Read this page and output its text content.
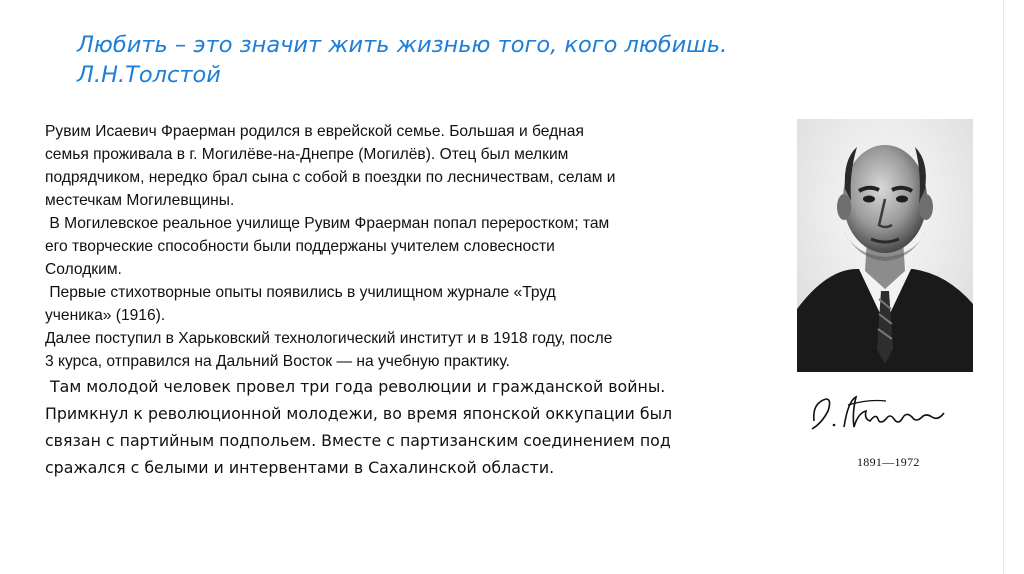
Любить – это значит жить жизнью того, кого любишь.
Л.Н.Толстой

Рувим Исаевич Фраерман родился в еврейской семье. Большая и бедная
семья проживала в г. Могилёве-на-Днепре (Могилёв). Отец был мелким
подрядчиком, нередко брал сына с собой в поездки по лесничествам, селам и
местечкам Могилевщины.

В Могилевское реальное училище Рувим Фраерман попал переростком; там
его творческие способности были поддержаны учителем словесности
Солодким.

Первые стихотворные опыты появились в училищном журнале «Труд
ученика» (1916).

Далее поступил в Харьковский технологический институт и в 1918 году, после
3 курса, отправился на Дальний Восток — на учебную практику.

Там молодой человек провел три года революции и гражданской войны.
Примкнул к революционной молодежи, во время японской оккупации был
связан с партийным подпольем. Вместе с партизанским соединением под
сражался с белыми и интервентами в Сахалинской области.	1891—1972
